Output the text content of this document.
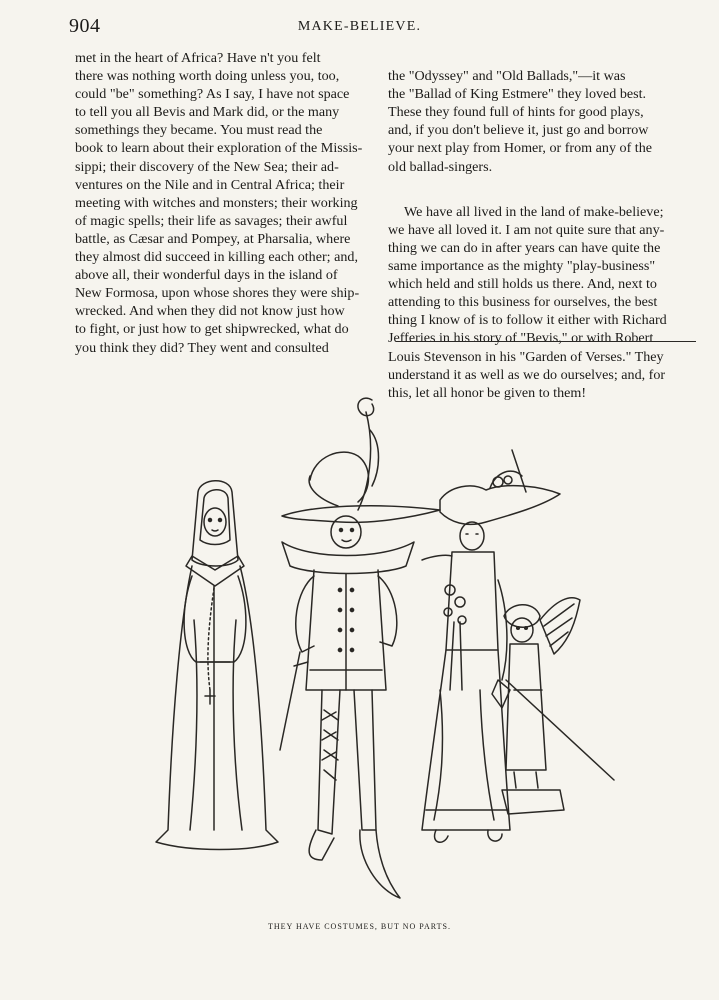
904	MAKE-BELIEVE.
met in the heart of Africa? Have n't you felt
there was nothing worth doing unless you, too,
could "be" something? As I say, I have not space
to tell you all Bevis and Mark did, or the many
somethings they became. You must read the
book to learn about their exploration of the Missis-
sippi; their discovery of the New Sea; their ad-
ventures on the Nile and in Central Africa; their
meeting with witches and monsters; their working
of magic spells; their life as savages; their awful
battle, as Cæsar and Pompey, at Pharsalia, where
they almost did succeed in killing each other; and,
above all, their wonderful days in the island of
New Formosa, upon whose shores they were ship-
wrecked. And when they did not know just how
to fight, or just how to get shipwrecked, what do
you think they did? They went and consulted

the "Odyssey" and "Old Ballads,"—it was
the "Ballad of King Estmere" they loved best.
These they found full of hints for good plays,
and, if you don't believe it, just go and borrow
your next play from Homer, or from any of the
old ballad-singers.

We have all lived in the land of make-believe;
we have all loved it. I am not quite sure that any-
thing we can do in after years can have quite the
same importance as the mighty "play-business"
which held and still holds us there. And, next to
attending to this business for ourselves, the best
thing I know of is to follow it either with Richard
Jefferies in his story of "Bevis," or with Robert
Louis Stevenson in his "Garden of Verses." They
understand it as well as we do ourselves; and, for
this, let all honor be given to them!

THEY HAVE COSTUMES, BUT NO PARTS.
